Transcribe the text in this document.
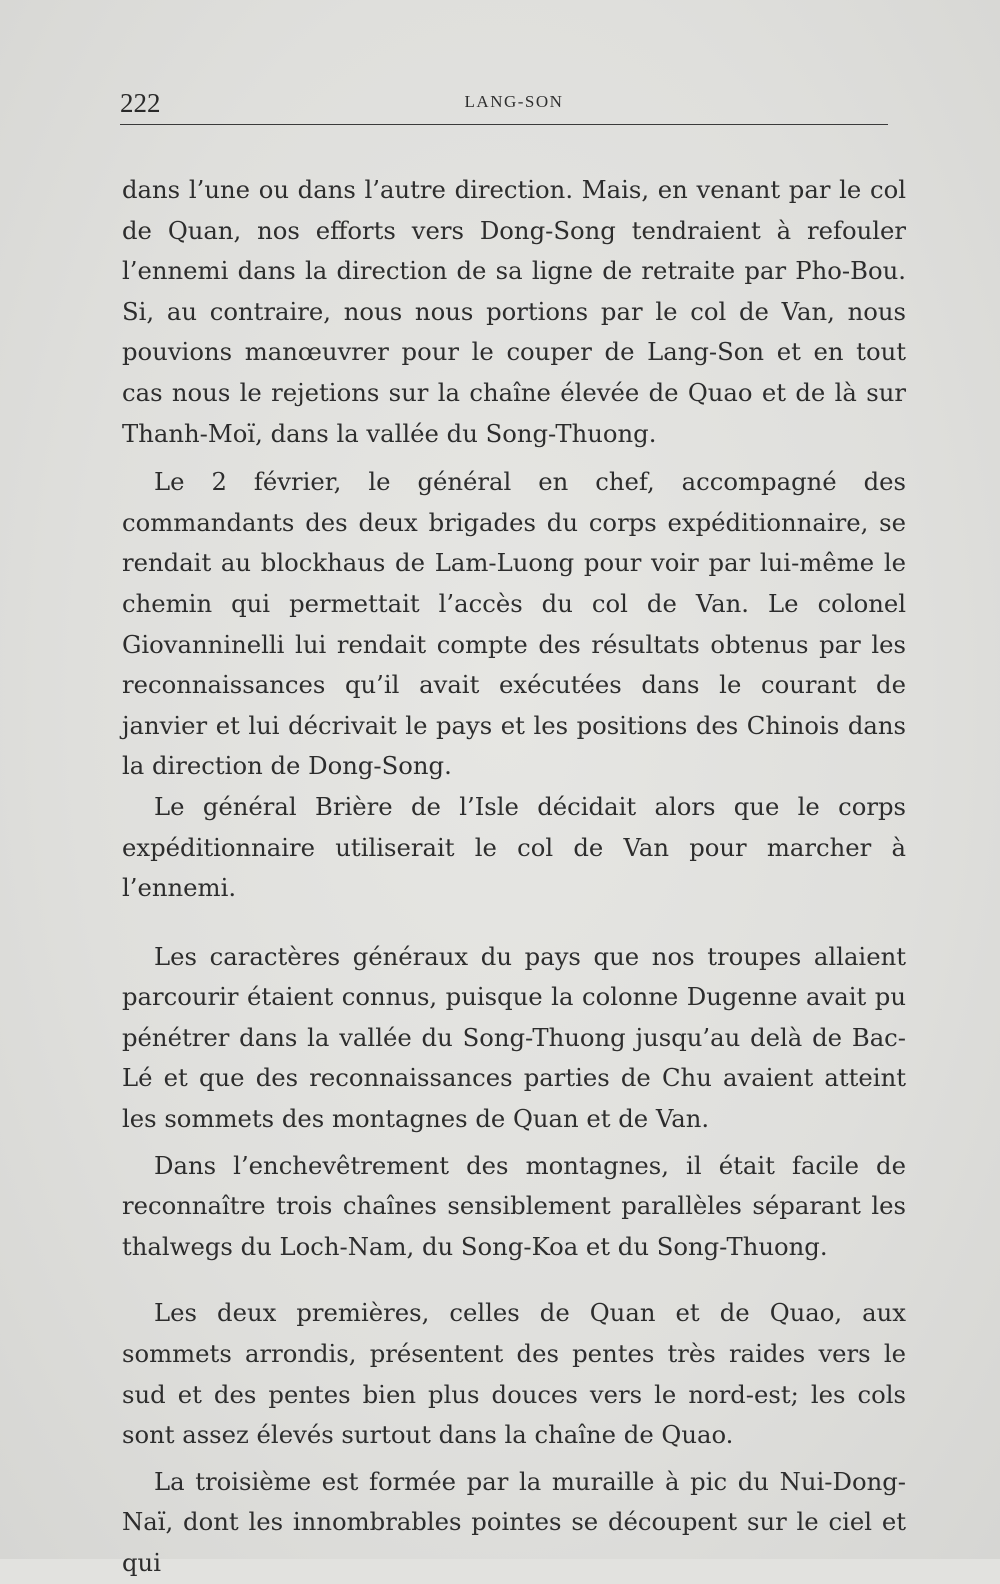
222	LANG-SON

dans l’une ou dans l’autre direction. Mais, en venant par le col de Quan, nos efforts vers Dong-Song tendraient à refouler l’ennemi dans la direction de sa ligne de retraite par Pho-Bou. Si, au contraire, nous nous portions par le col de Van, nous pouvions manœuvrer pour le couper de Lang-Son et en tout cas nous le rejetions sur la chaîne élevée de Quao et de là sur Thanh-Moï, dans la vallée du Song-Thuong.

Le 2 février, le général en chef, accompagné des commandants des deux brigades du corps expéditionnaire, se rendait au blockhaus de Lam-Luong pour voir par lui-même le chemin qui permettait l’accès du col de Van. Le colonel Giovanninelli lui rendait compte des résultats obtenus par les reconnaissances qu’il avait exécutées dans le courant de janvier et lui décrivait le pays et les positions des Chinois dans la direction de Dong-Song.

Le général Brière de l’Isle décidait alors que le corps expéditionnaire utiliserait le col de Van pour marcher à l’ennemi.

Les caractères généraux du pays que nos troupes allaient parcourir étaient connus, puisque la colonne Dugenne avait pu pénétrer dans la vallée du Song-Thuong jusqu’au delà de Bac-Lé et que des reconnaissances parties de Chu avaient atteint les sommets des montagnes de Quan et de Van.

Dans l’enchevêtrement des montagnes, il était facile de reconnaître trois chaînes sensiblement parallèles séparant les thalwegs du Loch-Nam, du Song-Koa et du Song-Thuong.

Les deux premières, celles de Quan et de Quao, aux sommets arrondis, présentent des pentes très raides vers le sud et des pentes bien plus douces vers le nord-est; les cols sont assez élevés surtout dans la chaîne de Quao.

La troisième est formée par la muraille à pic du Nui-Dong-Naï, dont les innombrables pointes se découpent sur le ciel et qui
